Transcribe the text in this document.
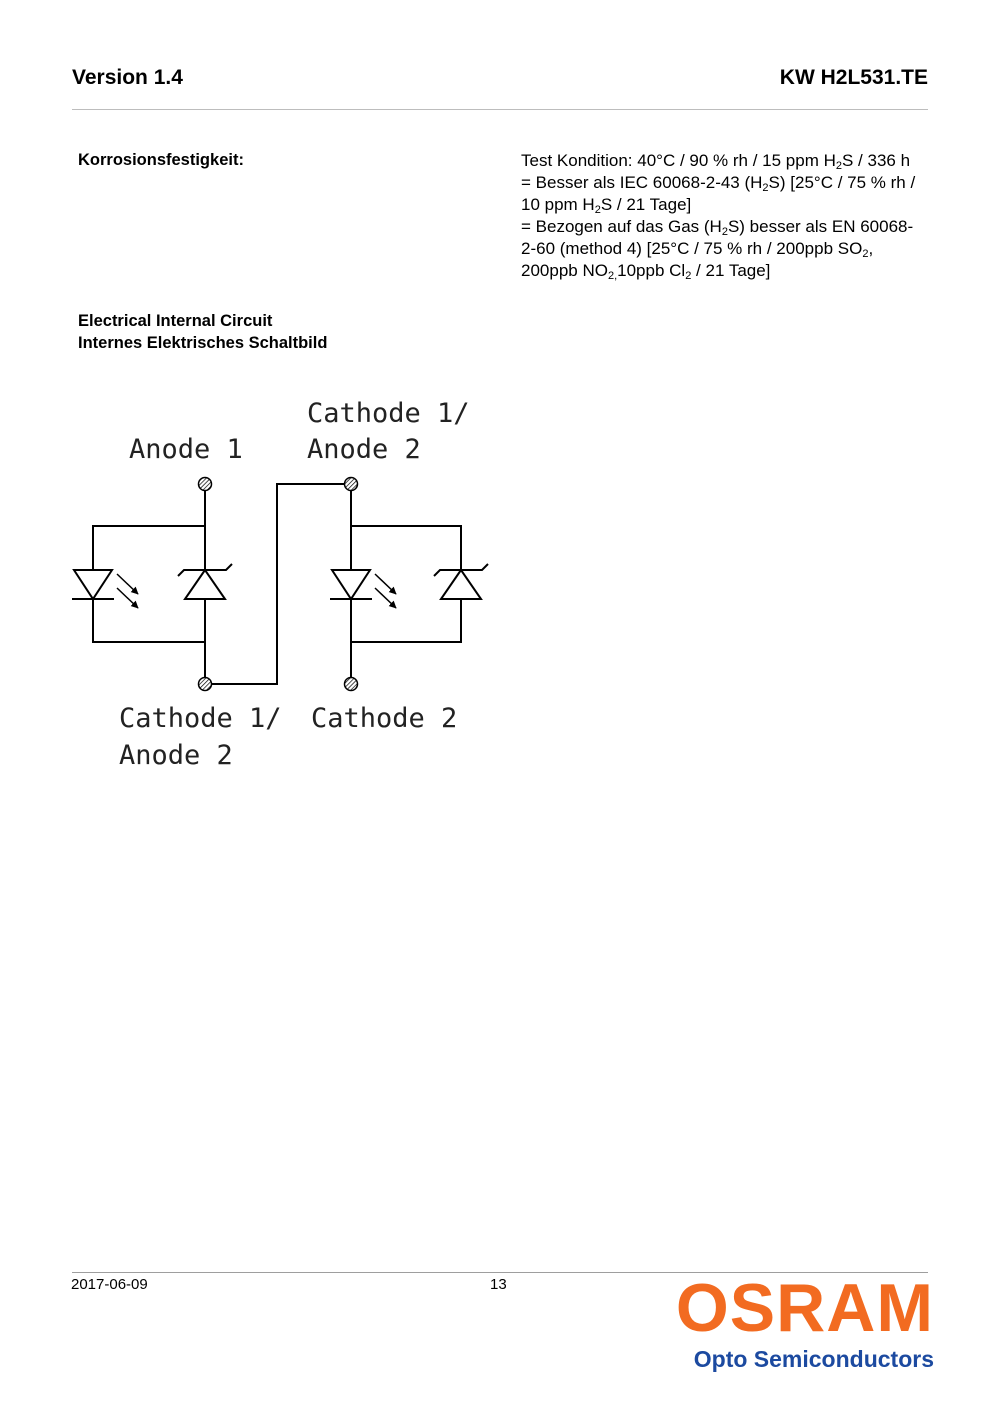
Version 1.4	KW H2L531.TE
Korrosionsfestigkeit:	Test Kondition: 40°C / 90 % rh / 15 ppm $H_2S / 336$ h
= Besser als IEC 60068-2-43 $(H_2S)$ [25°C / 75 % rh / 10 ppm $H_2S / 21$ Tage]
= Bezogen auf das Gas $(H_2S)$ besser als EN 60068-2-60 (method 4) [25°C / 75 % rh / 200ppb $SO_2$, 200ppb $NO_{2,}10ppb$ $Cl_2 / 21$ Tage]
Electrical Internal Circuit
Internes Elektrisches Schaltbild
Anode 1
Cathode 1/
Anode 2
Cathode 1/
Anode 2
Cathode 2
2017-06-09	13 OSRAM
Opto Semiconductors
